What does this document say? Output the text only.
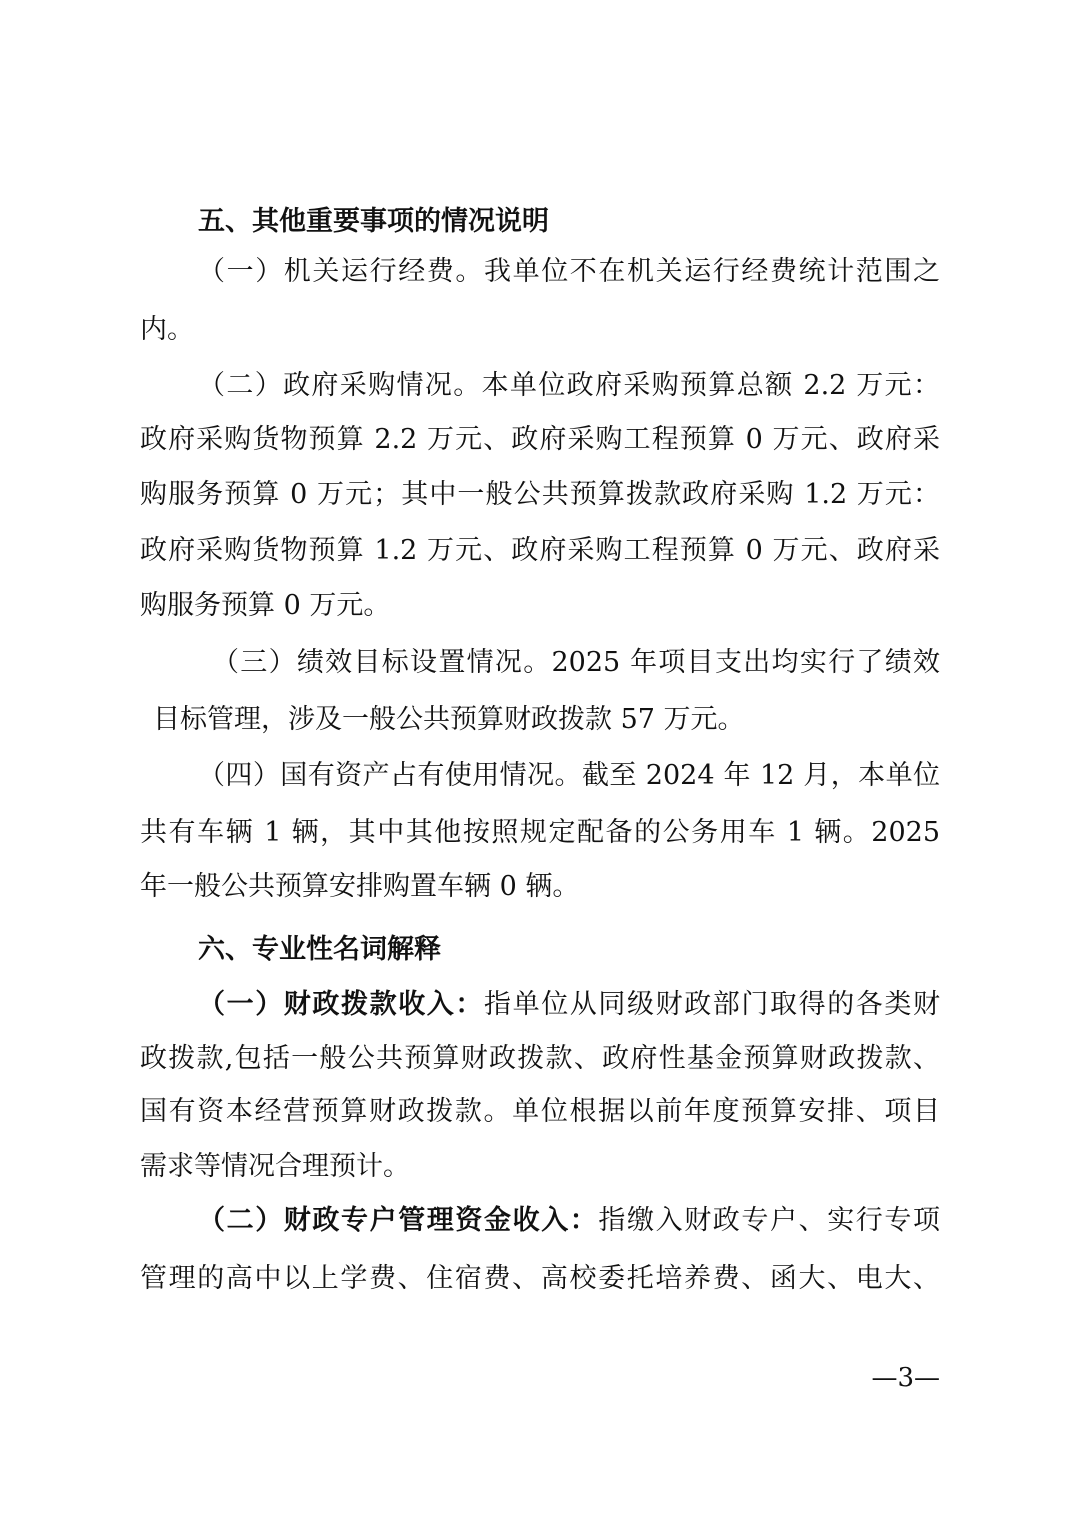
五、其他重要事项的情况说明
（一）机关运行经费。我单位不在机关运行经费统计范围之
内。
（二）政府采购情况。本单位政府采购预算总额 2.2 万元：
政府采购货物预算 2.2 万元、政府采购工程预算 0 万元、政府采
购服务预算 0 万元；其中一般公共预算拨款政府采购 1.2 万元：
政府采购货物预算 1.2 万元、政府采购工程预算 0 万元、政府采
购服务预算 0 万元。
（三）绩效目标设置情况。2025 年项目支出均实行了绩效
目标管理，涉及一般公共预算财政拨款 57 万元。
（四）国有资产占有使用情况。截至 2024 年 12 月，本单位
共有车辆 1 辆，其中其他按照规定配备的公务用车 1 辆。2025
年一般公共预算安排购置车辆 0 辆。
六、专业性名词解释
（一）财政拨款收入：指单位从同级财政部门取得的各类财
政拨款,包括一般公共预算财政拨款、政府性基金预算财政拨款、
国有资本经营预算财政拨款。单位根据以前年度预算安排、项目
需求等情况合理预计。
（二）财政专户管理资金收入：指缴入财政专户、实行专项
管理的高中以上学费、住宿费、高校委托培养费、函大、电大、
—3—
